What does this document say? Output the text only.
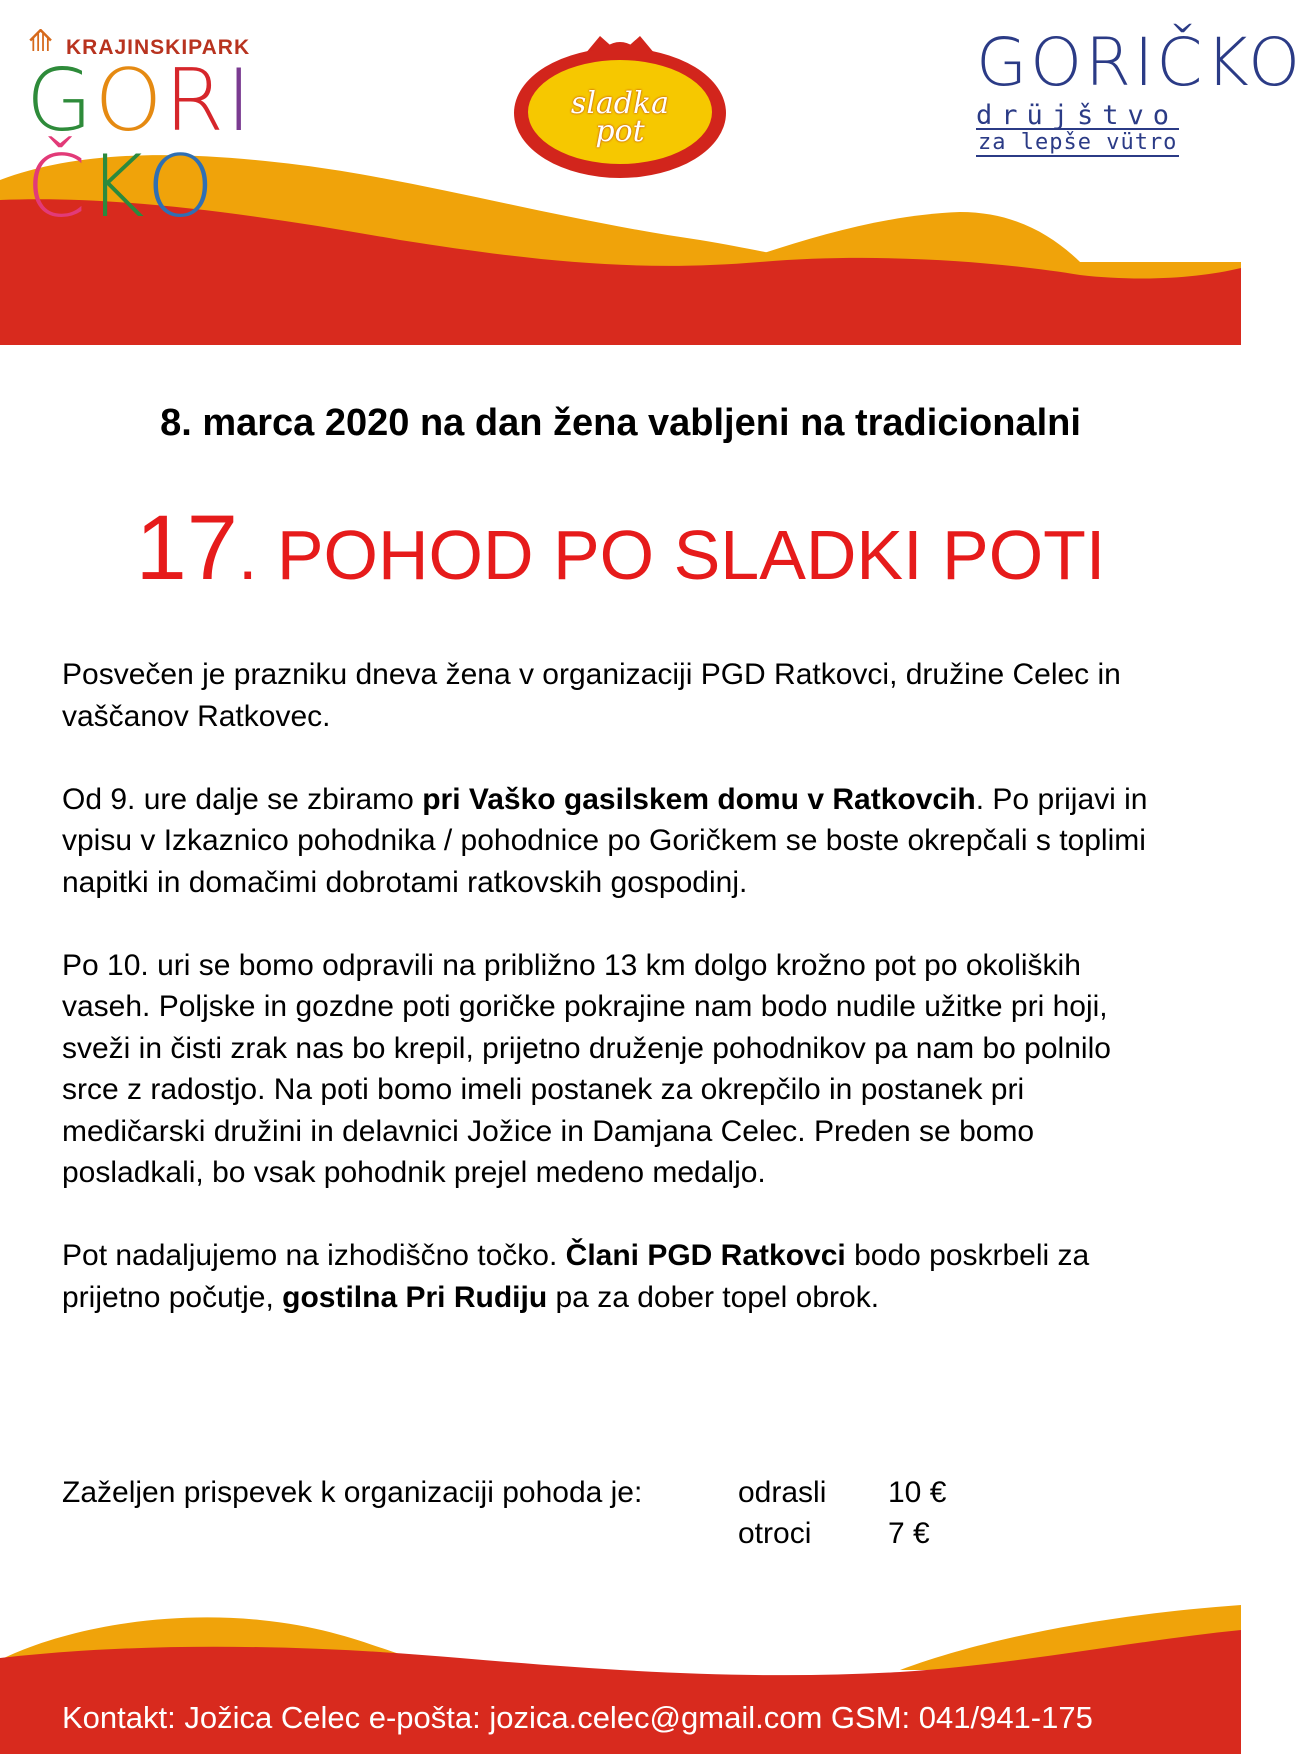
⟰ KRAJINSKIPARK
GORIČKO
sladka
pot
GORIČKO
drüjštvo
za lepše vütro
8. marca 2020 na dan žena vabljeni na tradicionalni
17. POHOD PO SLADKI POTI

Posvečen je prazniku dneva žena v organizaciji PGD Ratkovci, družine Celec in vaščanov Ratkovec.

Od 9. ure dalje se zbiramo pri Vaško gasilskem domu v Ratkovcih. Po prijavi in vpisu v Izkaznico pohodnika / pohodnice po Goričkem se boste okrepčali s toplimi napitki in domačimi dobrotami ratkovskih gospodinj.

Po 10. uri se bomo odpravili na približno 13 km dolgo krožno pot po okoliških vaseh. Poljske in gozdne poti goričke pokrajine nam bodo nudile užitke pri hoji, sveži in čisti zrak nas bo krepil, prijetno druženje pohodnikov pa nam bo polnilo srce z radostjo. Na poti bomo imeli postanek za okrepčilo in postanek pri medičarski družini in delavnici Jožice in Damjana Celec. Preden se bomo posladkali, bo vsak pohodnik prejel medeno medaljo.

Pot nadaljujemo na izhodiščno točko. Člani PGD Ratkovci bodo poskrbeli za prijetno počutje, gostilna Pri Rudiju pa za dober topel obrok.

Zaželjen prispevek k organizaciji pohoda je:	odrasli 10 €
otroci	7 €
Kontakt: Jožica Celec e-pošta: jozica.celec@gmail.com GSM: 041/941-175
